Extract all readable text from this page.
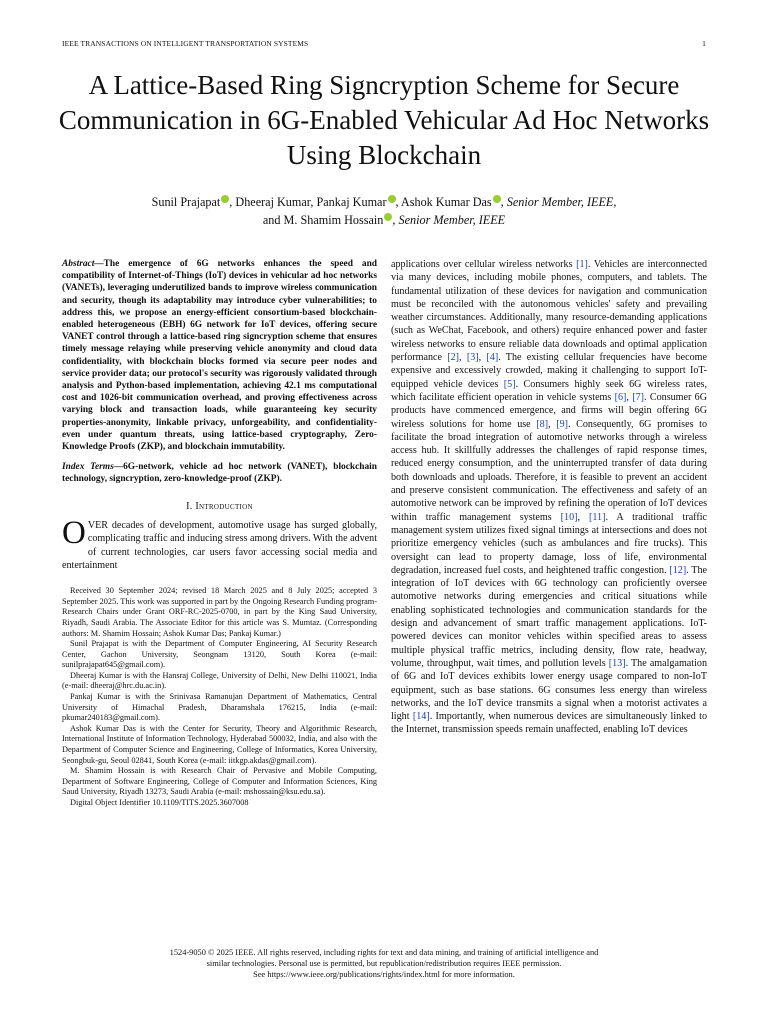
IEEE TRANSACTIONS ON INTELLIGENT TRANSPORTATION SYSTEMS	1
A Lattice-Based Ring Signcryption Scheme for Secure Communication in 6G-Enabled Vehicular Ad Hoc Networks Using Blockchain
Sunil Prajapat , Dheeraj Kumar, Pankaj Kumar , Ashok Kumar Das , Senior Member, IEEE,
and M. Shamim Hossain , Senior Member, IEEE

Abstract—The emergence of 6G networks enhances the speed and compatibility of Internet-of-Things (IoT) devices in vehicular ad hoc networks (VANETs), leveraging underutilized bands to improve wireless communication and security, though its adaptability may introduce cyber vulnerabilities; to address this, we propose an energy-efficient consortium-based blockchain-enabled heterogeneous (EBH) 6G network for IoT devices, offering secure VANET control through a lattice-based ring signcryption scheme that ensures timely message relaying while preserving vehicle anonymity and cloud data confidentiality, with blockchain blocks formed via secure peer nodes and service provider data; our protocol's security was rigorously validated through analysis and Python-based implementation, achieving 42.1 ms computational cost and 1026-bit communication overhead, and proving effectiveness across varying block and transaction loads, while guaranteeing key security properties-anonymity, linkable privacy, unforgeability, and confidentiality-even under quantum threats, using lattice-based cryptography, Zero-Knowledge Proofs (ZKP), and blockchain immutability.

Index Terms—6G-network, vehicle ad hoc network (VANET), blockchain technology, signcryption, zero-knowledge-proof (ZKP).

I. Introduction

OVER decades of development, automotive usage has surged globally, complicating traffic and inducing stress among drivers. With the advent of current technologies, car users favor accessing social media and entertainment

Received 30 September 2024; revised 18 March 2025 and 8 July 2025; accepted 3 September 2025. This work was supported in part by the Ongoing Research Funding program-Research Chairs under Grant ORF-RC-2025-0700, in part by the King Saud University, Riyadh, Saudi Arabia. The Associate Editor for this article was S. Mumtaz. (Corresponding authors: M. Shamim Hossain; Ashok Kumar Das; Pankaj Kumar.)

Sunil Prajapat is with the Department of Computer Engineering, AI Security Research Center, Gachon University, Seongnam 13120, South Korea (e-mail: sunilprajapat645@gmail.com).

Dheeraj Kumar is with the Hansraj College, University of Delhi, New Delhi 110021, India (e-mail: dheeraj@hrc.du.ac.in).

Pankaj Kumar is with the Srinivasa Ramanujan Department of Mathematics, Central University of Himachal Pradesh, Dharamshala 176215, India (e-mail: pkumar240183@gmail.com).

Ashok Kumar Das is with the Center for Security, Theory and Algorithmic Research, International Institute of Information Technology, Hyderabad 500032, India, and also with the Department of Computer Science and Engineering, College of Informatics, Korea University, Seongbuk-gu, Seoul 02841, South Korea (e-mail: iitkgp.akdas@gmail.com).

M. Shamim Hossain is with Research Chair of Pervasive and Mobile Computing, Department of Software Engineering, College of Computer and Information Sciences, King Saud University, Riyadh 13273, Saudi Arabia (e-mail: mshossain@ksu.edu.sa).

Digital Object Identifier 10.1109/TITS.2025.3607008

applications over cellular wireless networks [1]. Vehicles are interconnected via many devices, including mobile phones, computers, and tablets. The fundamental utilization of these devices for navigation and communication must be reconciled with the autonomous vehicles' safety and prevailing weather circumstances. Additionally, many resource-demanding applications (such as WeChat, Facebook, and others) require enhanced power and faster wireless networks to ensure reliable data downloads and optimal application performance [2], [3], [4]. The existing cellular frequencies have become expensive and excessively crowded, making it challenging to support IoT-equipped vehicle devices [5]. Consumers highly seek 6G wireless rates, which facilitate efficient operation in vehicle systems [6], [7]. Consumer 6G products have commenced emergence, and firms will begin offering 6G wireless solutions for home use [8], [9]. Consequently, 6G promises to facilitate the broad integration of automotive networks through a wireless access hub. It skillfully addresses the challenges of rapid response times, reduced energy consumption, and the uninterrupted transfer of data during both downloads and uploads. Therefore, it is feasible to prevent an accident and preserve consistent communication. The effectiveness and safety of an automotive network can be improved by refining the operation of IoT devices within traffic management systems [10], [11]. A traditional traffic management system utilizes fixed signal timings at intersections and does not prioritize emergency vehicles (such as ambulances and fire trucks). This oversight can lead to property damage, loss of life, environmental degradation, increased fuel costs, and heightened traffic congestion. [12]. The integration of IoT devices with 6G technology can proficiently oversee automotive networks during emergencies and critical situations while enabling sophisticated technologies and communication standards for the design and advancement of smart traffic management applications. IoT-powered devices can monitor vehicles within specified areas to assess multiple physical traffic metrics, including density, flow rate, headway, volume, throughput, wait times, and pollution levels [13]. The amalgamation of 6G and IoT devices exhibits lower energy usage compared to non-IoT equipment, such as base stations. 6G consumes less energy than wireless networks, and the IoT device transmits a signal when a motorist activates a light [14]. Importantly, when numerous devices are simultaneously linked to the Internet, transmission speeds remain unaffected, enabling IoT devices

1524-9050 © 2025 IEEE. All rights reserved, including rights for text and data mining, and training of artificial intelligence and
similar technologies. Personal use is permitted, but republication/redistribution requires IEEE permission.
See https://www.ieee.org/publications/rights/index.html for more information.
